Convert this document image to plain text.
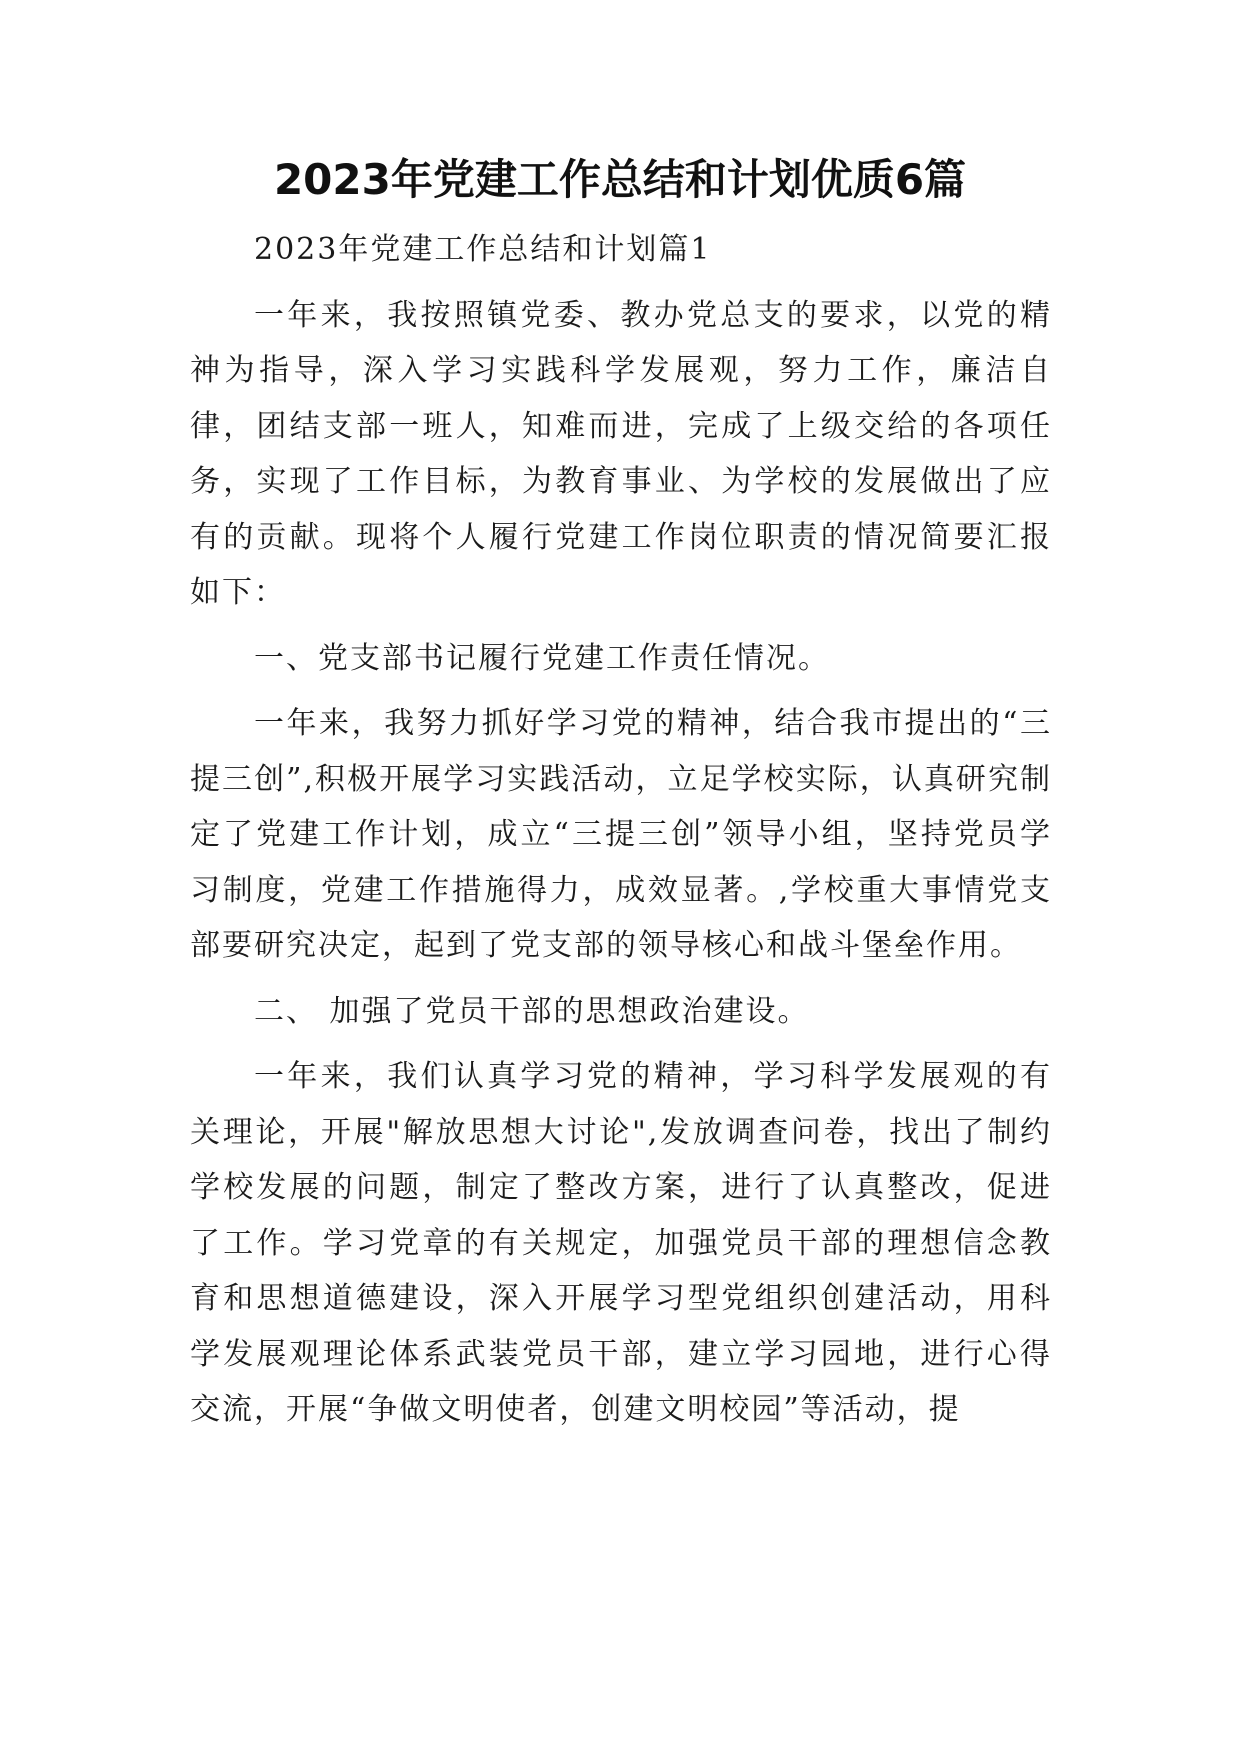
2023年党建工作总结和计划优质6篇

2023年党建工作总结和计划篇1

一年来，我按照镇党委、教办党总支的要求，以党的精神为指导，深入学习实践科学发展观，努力工作，廉洁自律，团结支部一班人，知难而进，完成了上级交给的各项任务，实现了工作目标，为教育事业、为学校的发展做出了应有的贡献。现将个人履行党建工作岗位职责的情况简要汇报如下：

一、党支部书记履行党建工作责任情况。

一年来，我努力抓好学习党的精神，结合我市提出的“三提三创”,积极开展学习实践活动，立足学校实际，认真研究制定了党建工作计划，成立“三提三创”领导小组，坚持党员学习制度，党建工作措施得力，成效显著。,学校重大事情党支部要研究决定，起到了党支部的领导核心和战斗堡垒作用。

二、 加强了党员干部的思想政治建设。

一年来，我们认真学习党的精神，学习科学发展观的有关理论，开展"解放思想大讨论",发放调查问卷，找出了制约学校发展的问题，制定了整改方案，进行了认真整改，促进了工作。学习党章的有关规定，加强党员干部的理想信念教育和思想道德建设，深入开展学习型党组织创建活动，用科学发展观理论体系武装党员干部，建立学习园地，进行心得交流，开展“争做文明使者，创建文明校园”等活动，提
